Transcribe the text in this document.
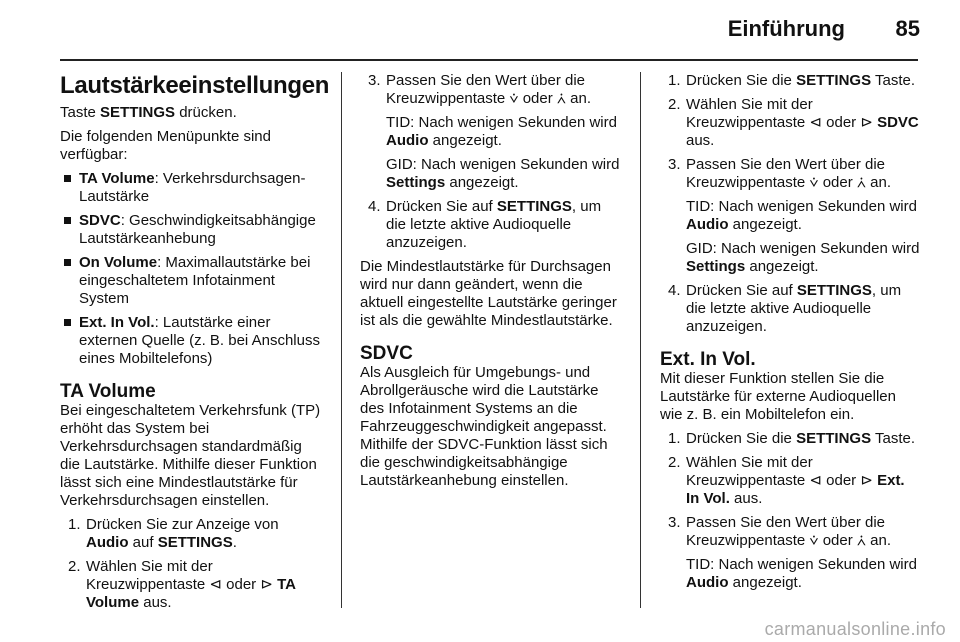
Einführung 85
Lautstärkeeinstellungen

Taste SETTINGS drücken.

Die folgenden Menüpunkte sind verfügbar:

TA Volume: Verkehrsdurchsagen-Lautstärke
SDVC: Geschwindigkeitsabhängige Lautstärkeanhebung
On Volume: Maximallautstärke bei eingeschaltetem Infotainment System
Ext. In Vol.: Lautstärke einer externen Quelle (z. B. bei Anschluss eines Mobiltelefons)
TA Volume

Bei eingeschaltetem Verkehrsfunk (TP) erhöht das System bei Verkehrsdurchsagen standardmäßig die Lautstärke. Mithilfe dieser Funktion lässt sich eine Mindestlautstärke für Verkehrsdurchsagen einstellen.

1. Drücken Sie zur Anzeige von Audio auf SETTINGS.
2. Wählen Sie mit der Kreuzwippentaste ⊲ oder ⊳ TA Volume aus.
3. Passen Sie den Wert über die Kreuzwippentaste ⩒ oder ⩑ an.

TID: Nach wenigen Sekunden wird Audio angezeigt.

GID: Nach wenigen Sekunden wird Settings angezeigt.

4. Drücken Sie auf SETTINGS, um die letzte aktive Audioquelle anzuzeigen.

Die Mindestlautstärke für Durchsagen wird nur dann geändert, wenn die aktuell eingestellte Lautstärke geringer ist als die gewählte Mindestlautstärke.

SDVC

Als Ausgleich für Umgebungs- und Abrollgeräusche wird die Lautstärke des Infotainment Systems an die Fahrzeuggeschwindigkeit angepasst. Mithilfe der SDVC-Funktion lässt sich die geschwindigkeitsabhängige Lautstärkeanhebung einstellen.

1. Drücken Sie die SETTINGS Taste.
2. Wählen Sie mit der Kreuzwippentaste ⊲ oder ⊳ SDVC aus.
3. Passen Sie den Wert über die Kreuzwippentaste ⩒ oder ⩑ an.

TID: Nach wenigen Sekunden wird Audio angezeigt.

GID: Nach wenigen Sekunden wird Settings angezeigt.

4. Drücken Sie auf SETTINGS, um die letzte aktive Audioquelle anzuzeigen.
Ext. In Vol.

Mit dieser Funktion stellen Sie die Lautstärke für externe Audioquellen wie z. B. ein Mobiltelefon ein.

1. Drücken Sie die SETTINGS Taste.
2. Wählen Sie mit der Kreuzwippentaste ⊲ oder ⊳ Ext. In Vol. aus.
3. Passen Sie den Wert über die Kreuzwippentaste ⩒ oder ⩑ an.

TID: Nach wenigen Sekunden wird Audio angezeigt.

carmanualsonline.info
